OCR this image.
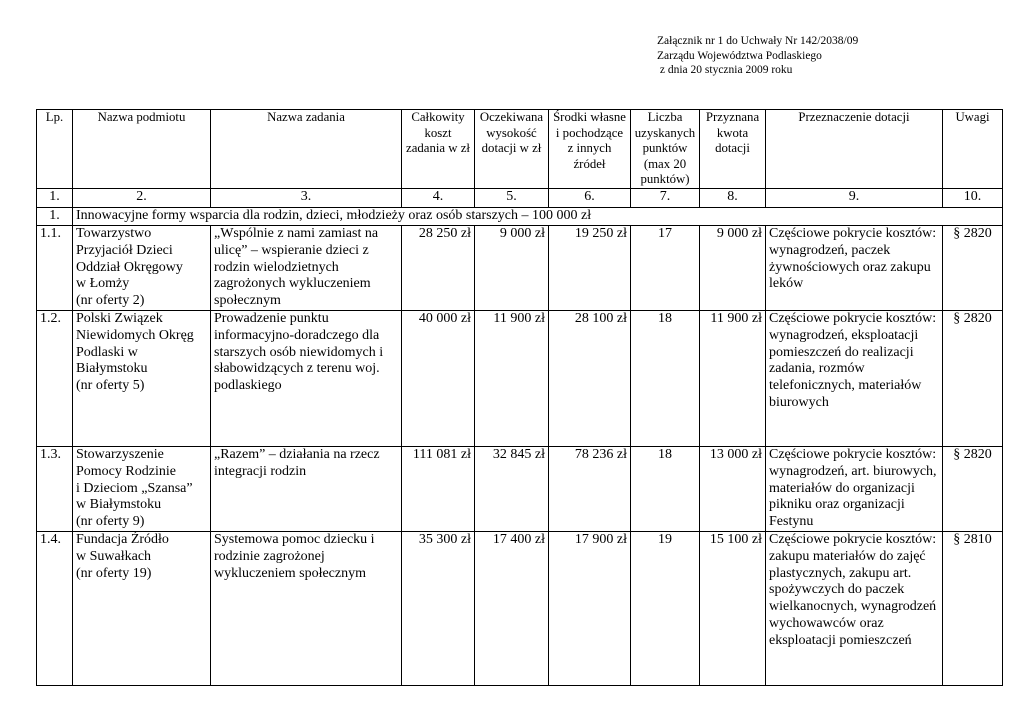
Załącznik nr 1 do Uchwały Nr 142/2038/09
Zarządu Województwa Podlaskiego
z dnia 20 stycznia 2009 roku
Lp.	Nazwa podmiotu	Nazwa zadania	Całkowity koszt zadania w zł	Oczekiwana wysokość dotacji w zł	Środki własne i pochodzące z innych źródeł	Liczba uzyskanych punktów (max 20 punktów)	Przyznana kwota dotacji	Przeznaczenie dotacji	Uwagi
1.	2.	3.	4.	5.	6.	7.	8.	9.	10.
1.	Innowacyjne formy wsparcia dla rodzin, dzieci, młodzieży oraz osób starszych – 100 000 zł								
1.1.	Towarzystwo
Przyjaciół Dzieci
Oddział Okręgowy
w Łomży
(nr oferty 2)	„Wspólnie z nami zamiast na ulicę” – wspieranie dzieci z rodzin wielodzietnych zagrożonych wykluczeniem społecznym	28 250 zł	9 000 zł	19 250 zł	17	9 000 zł	Częściowe pokrycie kosztów: wynagrodzeń, paczek żywnościowych oraz zakupu leków	§ 2820
1.2.	Polski Związek
Niewidomych Okręg
Podlaski w
Białymstoku
(nr oferty 5)	Prowadzenie punktu informacyjno-doradczego dla starszych osób niewidomych i słabowidzących z terenu woj. podlaskiego	40 000 zł	11 900 zł	28 100 zł	18	11 900 zł	Częściowe pokrycie kosztów: wynagrodzeń, eksploatacji pomieszczeń do realizacji zadania, rozmów telefonicznych, materiałów biurowych	§ 2820
1.3.	Stowarzyszenie
Pomocy Rodzinie
i Dzieciom „Szansa”
w Białymstoku
(nr oferty 9)	„Razem” – działania na rzecz integracji rodzin	111 081 zł	32 845 zł	78 236 zł	18	13 000 zł	Częściowe pokrycie kosztów: wynagrodzeń, art. biurowych, materiałów do organizacji pikniku oraz organizacji Festynu	§ 2820
1.4.	Fundacja Źródło
w Suwałkach
(nr oferty 19)	Systemowa pomoc dziecku i rodzinie zagrożonej wykluczeniem społecznym	35 300 zł	17 400 zł	17 900 zł	19	15 100 zł	Częściowe pokrycie kosztów: zakupu materiałów do zajęć plastycznych, zakupu art. spożywczych do paczek wielkanocnych, wynagrodzeń wychowawców oraz eksploatacji pomieszczeń	§ 2810
